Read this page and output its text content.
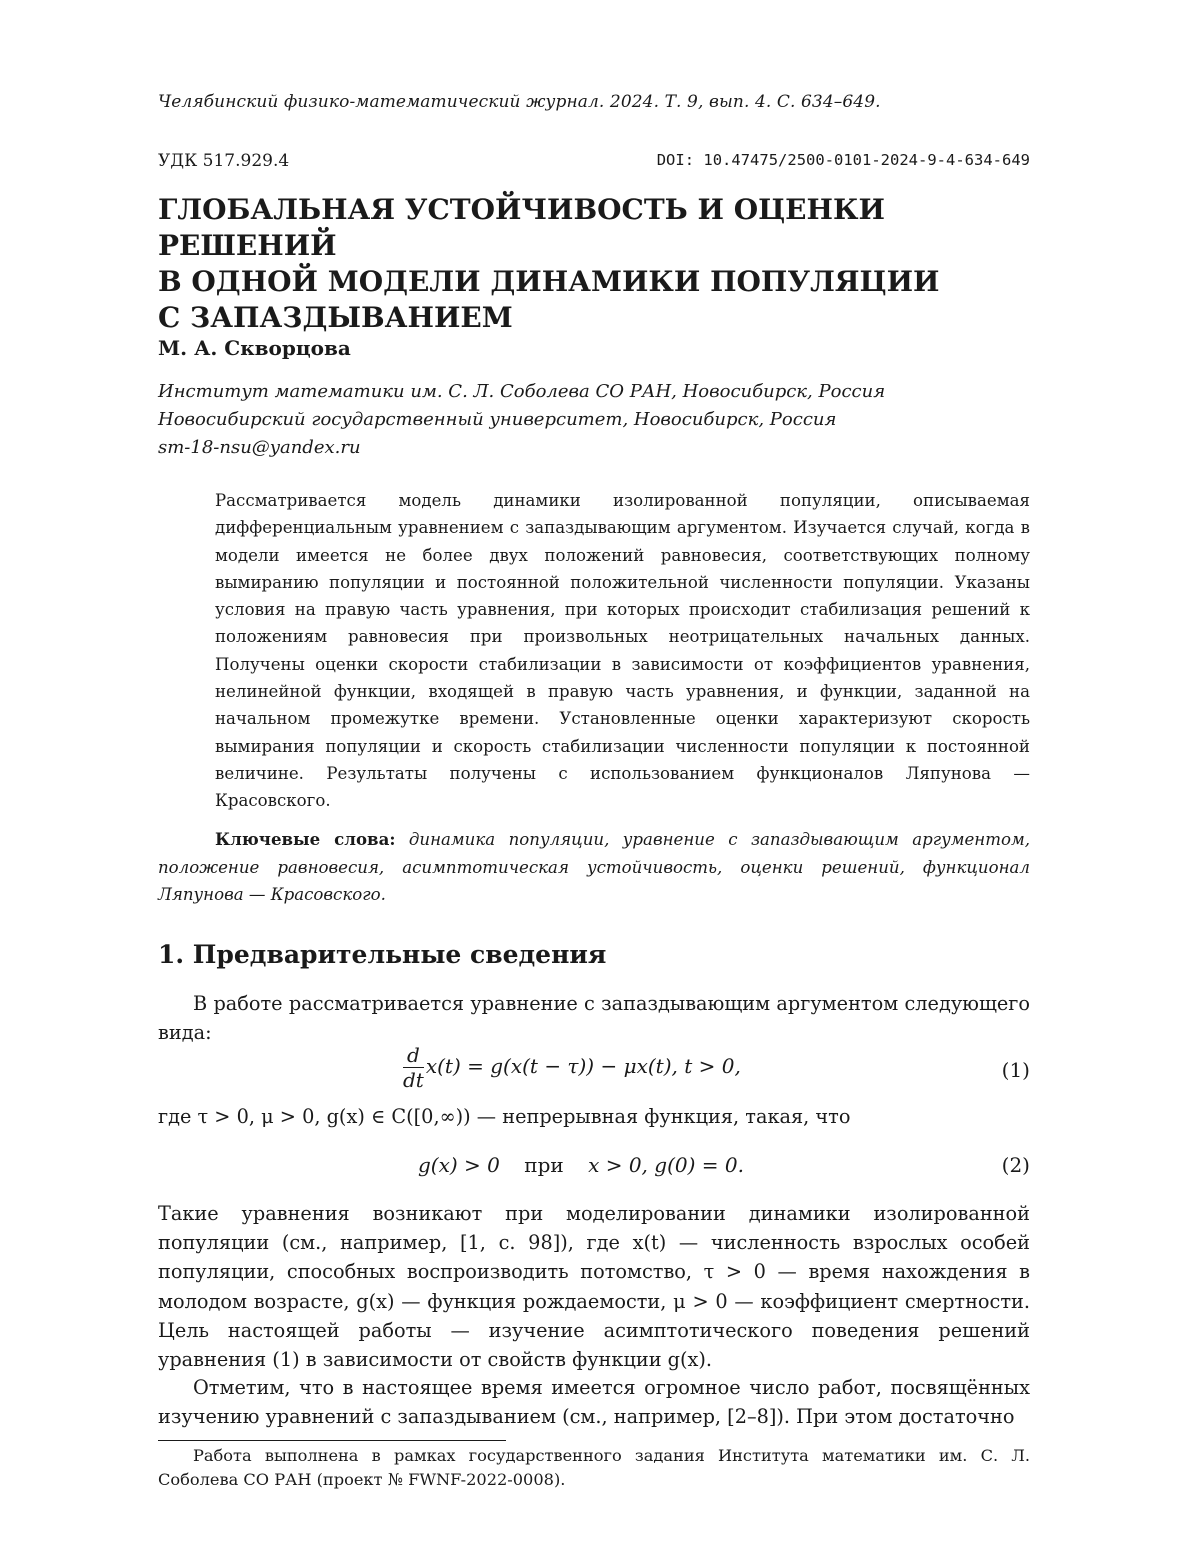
Челябинский физико-математический журнал. 2024. Т. 9, вып. 4. С. 634–649.
УДК 517.929.4	DOI: 10.47475/2500-0101-2024-9-4-634-649
ГЛОБАЛЬНАЯ УСТОЙЧИВОСТЬ И ОЦЕНКИ РЕШЕНИЙ
В ОДНОЙ МОДЕЛИ ДИНАМИКИ ПОПУЛЯЦИИ
С ЗАПАЗДЫВАНИЕМ
М. А. Скворцова
Институт математики им. С. Л. Соболева СО РАН, Новосибирск, Россия
Новосибирский государственный университет, Новосибирск, Россия
sm-18-nsu@yandex.ru
Рассматривается модель динамики изолированной популяции, описываемая дифференциальным уравнением с запаздывающим аргументом. Изучается случай, когда в модели имеется не более двух положений равновесия, соответствующих полному вымиранию популяции и постоянной положительной численности популяции. Указаны условия на правую часть уравнения, при которых происходит стабилизация решений к положениям равновесия при произвольных неотрицательных начальных данных. Получены оценки скорости стабилизации в зависимости от коэффициентов уравнения, нелинейной функции, входящей в правую часть уравнения, и функции, заданной на начальном промежутке времени. Установленные оценки характеризуют скорость вымирания популяции и скорость стабилизации численности популяции к постоянной величине. Результаты получены с использованием функционалов Ляпунова — Красовского.
Ключевые слова: динамика популяции, уравнение с запаздывающим аргументом, положение равновесия, асимптотическая устойчивость, оценки решений, функционал Ляпунова — Красовского.
1. Предварительные сведения
В работе рассматривается уравнение с запаздывающим аргументом следующего вида:
$\frac{d}{dt} x(t) = g(x(t - \tau)) - \mu x(t)$, t > 0,	(1)
где τ > 0, μ > 0, g(x) ∈ C([0,∞)) — непрерывная функция, такая, что
g(x) > 0 при x > 0, g(0) = 0.	(2)
Такие уравнения возникают при моделировании динамики изолированной популяции (см., например, [1, с. 98]), где x(t) — численность взрослых особей популяции, способных воспроизводить потомство, τ > 0 — время нахождения в молодом возрасте, g(x) — функция рождаемости, μ > 0 — коэффициент смертности. Цель настоящей работы — изучение асимптотического поведения решений уравнения (1) в зависимости от свойств функции g(x).
Отметим, что в настоящее время имеется огромное число работ, посвящённых изучению уравнений с запаздыванием (см., например, [2–8]). При этом достаточно
Работа выполнена в рамках государственного задания Института математики им. С. Л. Соболева СО РАН (проект № FWNF-2022-0008).
